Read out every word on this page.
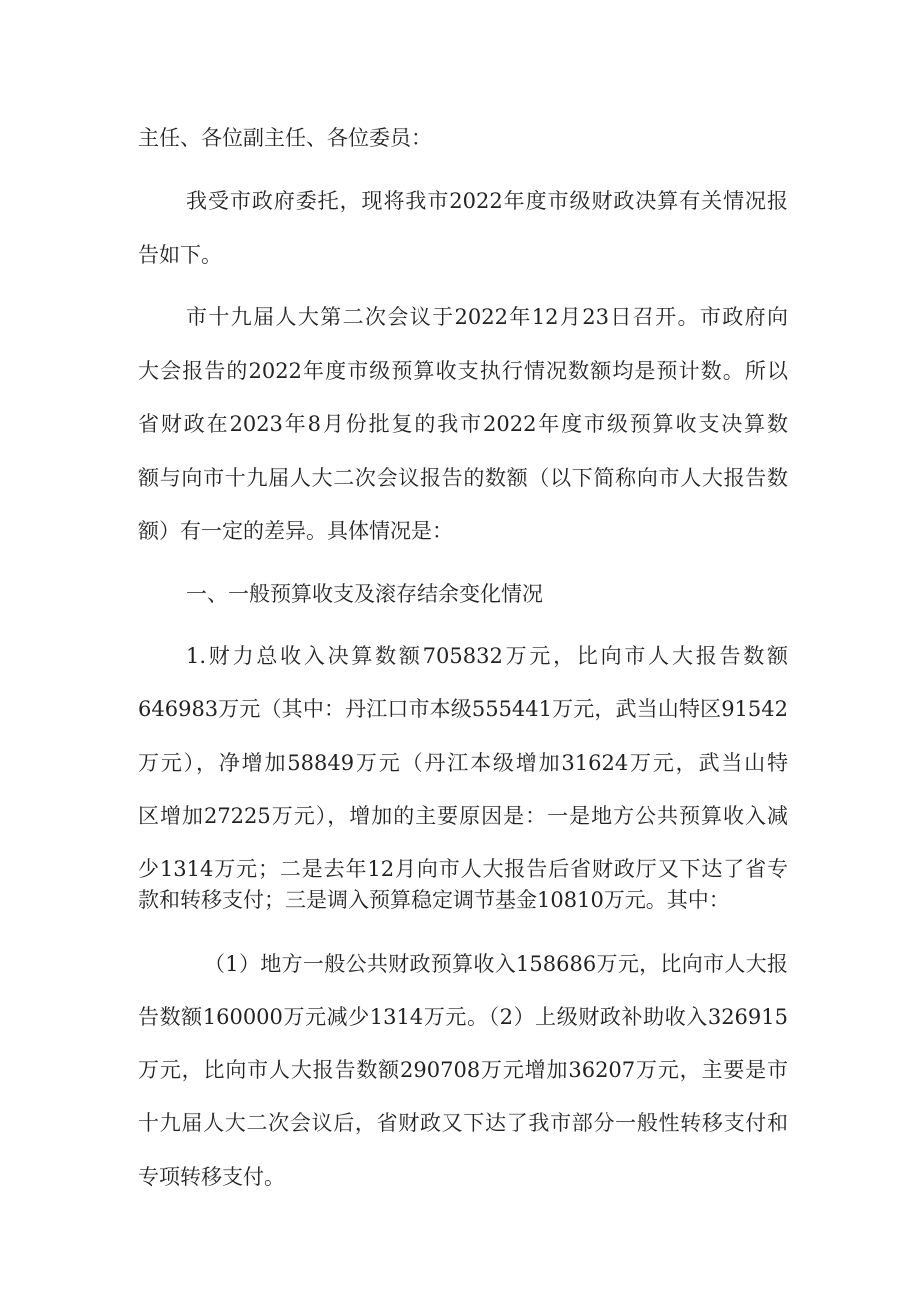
主任、各位副主任、各位委员：
我受市政府委托，现将我市2022年度市级财政决算有关情况报
告如下。
市十九届人大第二次会议于2022年12月23日召开。市政府向
大会报告的2022年度市级预算收支执行情况数额均是预计数。所以
省财政在2023年8月份批复的我市2022年度市级预算收支决算数
额与向市十九届人大二次会议报告的数额（以下简称向市人大报告数
额）有一定的差异。具体情况是：
一、一般预算收支及滚存结余变化情况
1.财力总收入决算数额705832万元，比向市人大报告数额
646983万元（其中：丹江口市本级555441万元，武当山特区91542
万元），净增加58849万元（丹江本级增加31624万元，武当山特
区增加27225万元），增加的主要原因是：一是地方公共预算收入减
少1314万元；二是去年12月向市人大报告后省财政厅又下达了省专
款和转移支付；三是调入预算稳定调节基金10810万元。其中：
（1）地方一般公共财政预算收入158686万元，比向市人大报
告数额160000万元减少1314万元。（2）上级财政补助收入326915
万元，比向市人大报告数额290708万元增加36207万元，主要是市
十九届人大二次会议后，省财政又下达了我市部分一般性转移支付和
专项转移支付。
